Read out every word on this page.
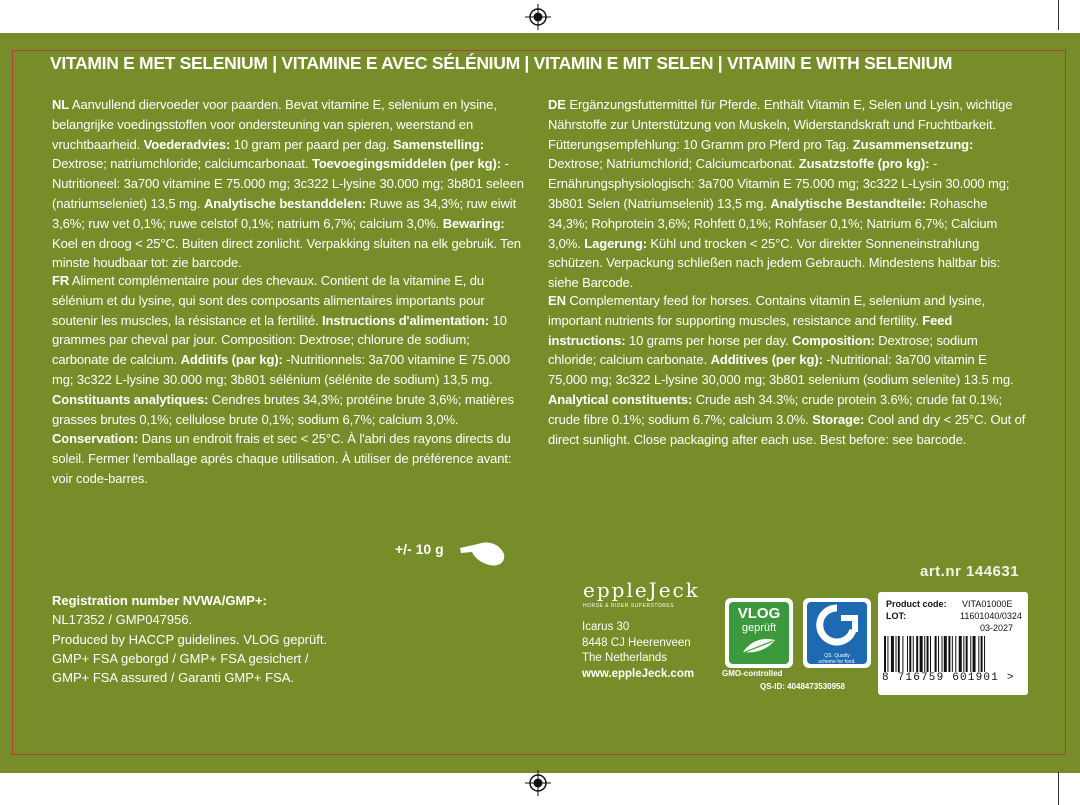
VITAMIN E MET SELENIUM | VITAMINE E AVEC SÉLÉNIUM | VITAMIN E MIT SELEN | VITAMIN E WITH SELENIUM
NL Aanvullend diervoeder voor paarden. Bevat vitamine E, selenium en lysine, belangrijke voedingsstoffen voor ondersteuning van spieren, weerstand en vruchtbaarheid. Voederadvies: 10 gram per paard per dag. Samenstelling: Dextrose; natriumchloride; calciumcarbonaat. Toevoegingsmiddelen (per kg): -Nutritioneel: 3a700 vitamine E 75.000 mg; 3c322 L-lysine 30.000 mg; 3b801 seleen (natriumseleniet) 13,5 mg. Analytische bestanddelen: Ruwe as 34,3%; ruw eiwit 3,6%; ruw vet 0,1%; ruwe celstof 0,1%; natrium 6,7%; calcium 3,0%. Bewaring: Koel en droog < 25°C. Buiten direct zonlicht. Verpakking sluiten na elk gebruik. Ten minste houdbaar tot: zie barcode.
FR Aliment complémentaire pour des chevaux. Contient de la vitamine E, du sélénium et du lysine, qui sont des composants alimentaires importants pour soutenir les muscles, la résistance et la fertilité. Instructions d'alimentation: 10 grammes par cheval par jour. Composition: Dextrose; chlorure de sodium; carbonate de calcium. Additifs (par kg): -Nutritionnels: 3a700 vitamine E 75.000 mg; 3c322 L-lysine 30.000 mg; 3b801 sélénium (sélénite de sodium) 13,5 mg. Constituants analytiques: Cendres brutes 34,3%; protéine brute 3,6%; matières grasses brutes 0,1%; cellulose brute 0,1%; sodium 6,7%; calcium 3,0%. Conservation: Dans un endroit frais et sec < 25°C. À l'abri des rayons directs du soleil. Fermer l'emballage aprés chaque utilisation. À utiliser de préférence avant: voir code-barres.
DE Ergänzungsfuttermittel für Pferde. Enthält Vitamin E, Selen und Lysin, wichtige Nährstoffe zur Unterstützung von Muskeln, Widerstandskraft und Fruchtbarkeit. Fütterungsempfehlung: 10 Gramm pro Pferd pro Tag. Zusammensetzung: Dextrose; Natriumchlorid; Calciumcarbonat. Zusatzstoffe (pro kg): -Ernährungsphysiologisch: 3a700 Vitamin E 75.000 mg; 3c322 L-Lysin 30.000 mg; 3b801 Selen (Natriumselenit) 13,5 mg. Analytische Bestandteile: Rohasche 34,3%; Rohprotein 3,6%; Rohfett 0,1%; Rohfaser 0,1%; Natrium 6,7%; Calcium 3,0%. Lagerung: Kühl und trocken < 25°C. Vor direkter Sonneneinstrahlung schützen. Verpackung schließen nach jedem Gebrauch. Mindestens haltbar bis: siehe Barcode.
EN Complementary feed for horses. Contains vitamin E, selenium and lysine, important nutrients for supporting muscles, resistance and fertility. Feed instructions: 10 grams per horse per day. Composition: Dextrose; sodium chloride; calcium carbonate. Additives (per kg): -Nutritional: 3a700 vitamin E 75,000 mg; 3c322 L-lysine 30,000 mg; 3b801 selenium (sodium selenite) 13.5 mg. Analytical constituents: Crude ash 34.3%; crude protein 3.6%; crude fat 0.1%; crude fibre 0.1%; sodium 6.7%; calcium 3.0%. Storage: Cool and dry < 25°C. Out of direct sunlight. Close packaging after each use. Best before: see barcode.
+/- 10 g
art.nr 144631
Registration number NVWA/GMP+:
NL17352 / GMP047956.
Produced by HACCP guidelines. VLOG geprüft.
GMP+ FSA geborgd / GMP+ FSA gesichert /
GMP+ FSA assured / Garanti GMP+ FSA.
eppleJeck
HORSE & RIDER SUPERSTORES
Icarus 30
8448 CJ Heerenveen
The Netherlands
www.eppleJeck.com
VLOG
geprüft
GMO-controlled
QS. Quality
scheme for food.
QS-ID: 4048473530958
Product code: VITA01000E
LOT:	11601040/0324
03-2027
8 716759 601901 >
